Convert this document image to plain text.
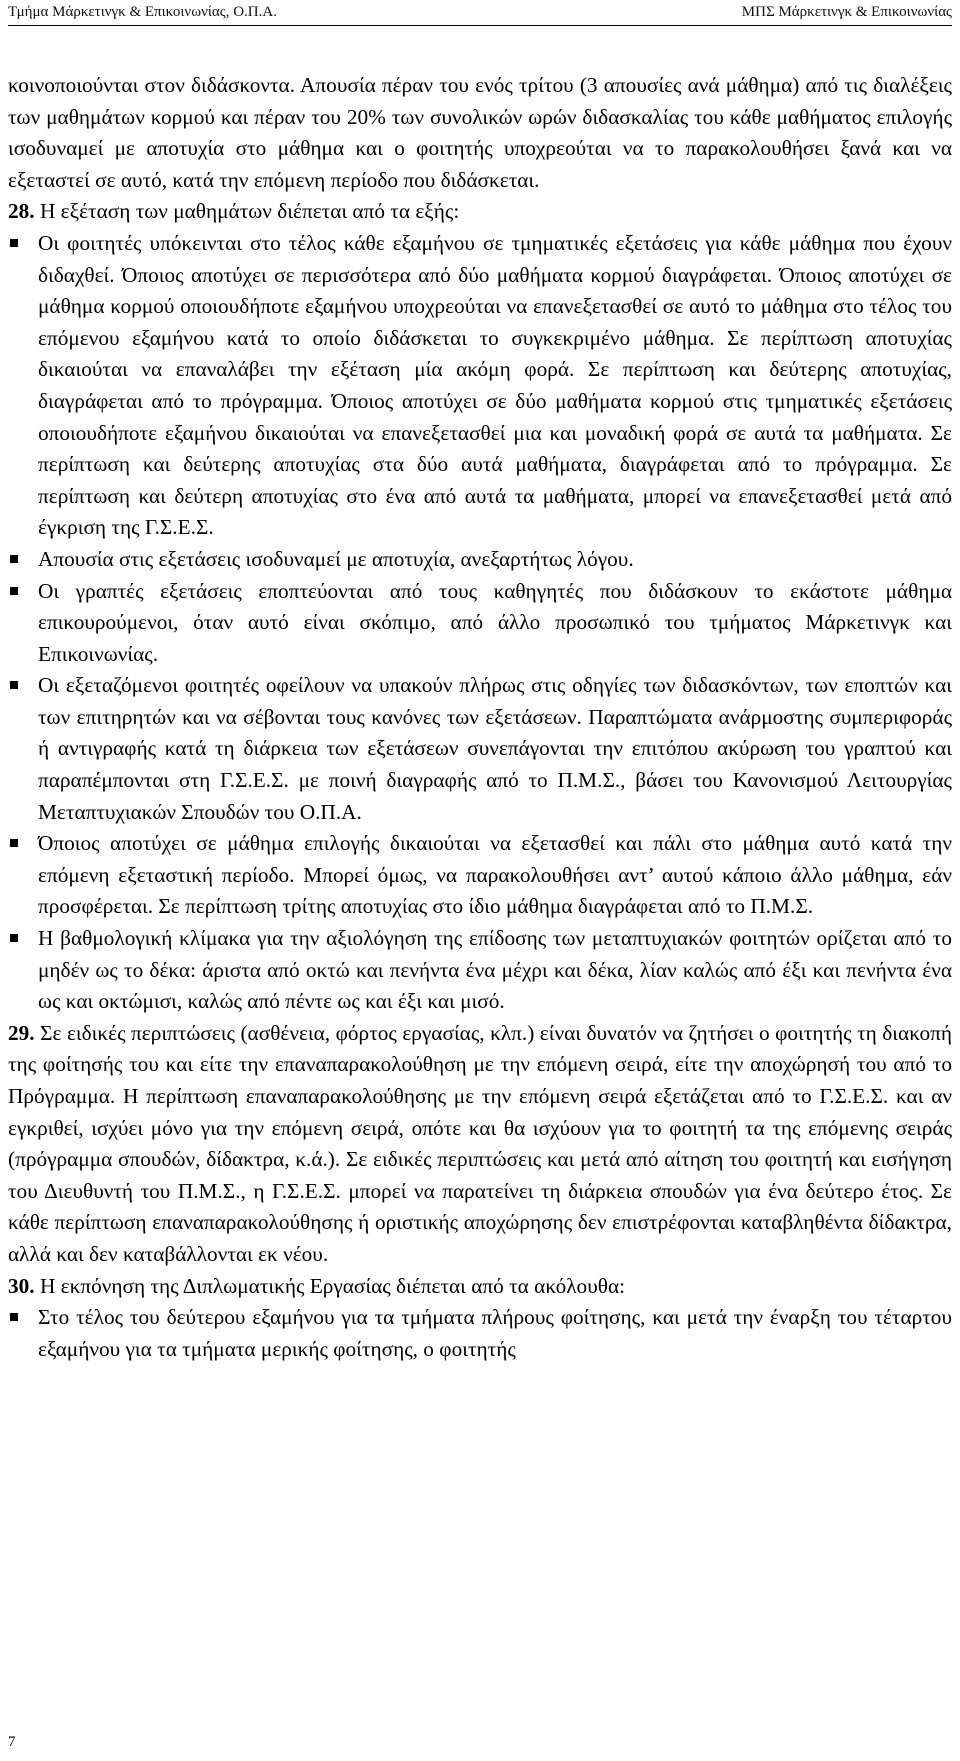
Τμήμα Μάρκετινγκ & Επικοινωνίας, Ο.Π.Α.	ΜΠΣ Μάρκετινγκ & Επικοινωνίας

κοινοποιούνται στον διδάσκοντα. Απουσία πέραν του ενός τρίτου (3 απουσίες ανά μάθημα) από τις διαλέξεις των μαθημάτων κορμού και πέραν του 20% των συνολικών ωρών διδασκαλίας του κάθε μαθήματος επιλογής ισοδυναμεί με αποτυχία στο μάθημα και ο φοιτητής υποχρεούται να το παρακολουθήσει ξανά και να εξεταστεί σε αυτό, κατά την επόμενη περίοδο που διδάσκεται.

28. Η εξέταση των μαθημάτων διέπεται από τα εξής:

Οι φοιτητές υπόκεινται στο τέλος κάθε εξαμήνου σε τμηματικές εξετάσεις για κάθε μάθημα που έχουν διδαχθεί. Όποιος αποτύχει σε περισσότερα από δύο μαθήματα κορμού διαγράφεται. Όποιος αποτύχει σε μάθημα κορμού οποιουδήποτε εξαμήνου υποχρεούται να επανεξετασθεί σε αυτό το μάθημα στο τέλος του επόμενου εξαμήνου κατά το οποίο διδάσκεται το συγκεκριμένο μάθημα. Σε περίπτωση αποτυχίας δικαιούται να επαναλάβει την εξέταση μία ακόμη φορά. Σε περίπτωση και δεύτερης αποτυχίας, διαγράφεται από το πρόγραμμα. Όποιος αποτύχει σε δύο μαθήματα κορμού στις τμηματικές εξετάσεις οποιουδήποτε εξαμήνου δικαιούται να επανεξετασθεί μια και μοναδική φορά σε αυτά τα μαθήματα. Σε περίπτωση και δεύτερης αποτυχίας στα δύο αυτά μαθήματα, διαγράφεται από το πρόγραμμα. Σε περίπτωση και δεύτερη αποτυχίας στο ένα από αυτά τα μαθήματα, μπορεί να επανεξετασθεί μετά από έγκριση της Γ.Σ.Ε.Σ.

Απουσία στις εξετάσεις ισοδυναμεί με αποτυχία, ανεξαρτήτως λόγου.

Οι γραπτές εξετάσεις εποπτεύονται από τους καθηγητές που διδάσκουν το εκάστοτε μάθημα επικουρούμενοι, όταν αυτό είναι σκόπιμο, από άλλο προσωπικό του τμήματος Μάρκετινγκ και Επικοινωνίας.

Οι εξεταζόμενοι φοιτητές οφείλουν να υπακούν πλήρως στις οδηγίες των διδασκόντων, των εποπτών και των επιτηρητών και να σέβονται τους κανόνες των εξετάσεων. Παραπτώματα ανάρμοστης συμπεριφοράς ή αντιγραφής κατά τη διάρκεια των εξετάσεων συνεπάγονται την επιτόπου ακύρωση του γραπτού και παραπέμπονται στη Γ.Σ.Ε.Σ. με ποινή διαγραφής από το Π.Μ.Σ., βάσει του Κανονισμού Λειτουργίας Μεταπτυχιακών Σπουδών του Ο.Π.Α.

Όποιος αποτύχει σε μάθημα επιλογής δικαιούται να εξετασθεί και πάλι στο μάθημα αυτό κατά την επόμενη εξεταστική περίοδο. Μπορεί όμως, να παρακολουθήσει αντ’ αυτού κάποιο άλλο μάθημα, εάν προσφέρεται. Σε περίπτωση τρίτης αποτυχίας στο ίδιο μάθημα διαγράφεται από το Π.Μ.Σ.

Η βαθμολογική κλίμακα για την αξιολόγηση της επίδοσης των μεταπτυχιακών φοιτητών ορίζεται από το μηδέν ως το δέκα: άριστα από οκτώ και πενήντα ένα μέχρι και δέκα, λίαν καλώς από έξι και πενήντα ένα ως και οκτώμισι, καλώς από πέντε ως και έξι και μισό.

29. Σε ειδικές περιπτώσεις (ασθένεια, φόρτος εργασίας, κλπ.) είναι δυνατόν να ζητήσει ο φοιτητής τη διακοπή της φοίτησής του και είτε την επαναπαρακολούθηση με την επόμενη σειρά, είτε την αποχώρησή του από το Πρόγραμμα. Η περίπτωση επαναπαρακολούθησης με την επόμενη σειρά εξετάζεται από το Γ.Σ.Ε.Σ. και αν εγκριθεί, ισχύει μόνο για την επόμενη σειρά, οπότε και θα ισχύουν για το φοιτητή τα της επόμενης σειράς (πρόγραμμα σπουδών, δίδακτρα, κ.ά.). Σε ειδικές περιπτώσεις και μετά από αίτηση του φοιτητή και εισήγηση του Διευθυντή του Π.Μ.Σ., η Γ.Σ.Ε.Σ. μπορεί να παρατείνει τη διάρκεια σπουδών για ένα δεύτερο έτος. Σε κάθε περίπτωση επαναπαρακολούθησης ή οριστικής αποχώρησης δεν επιστρέφονται καταβληθέντα δίδακτρα, αλλά και δεν καταβάλλονται εκ νέου.

30. Η εκπόνηση της Διπλωματικής Εργασίας διέπεται από τα ακόλουθα:

Στο τέλος του δεύτερου εξαμήνου για τα τμήματα πλήρους φοίτησης, και μετά την έναρξη του τέταρτου εξαμήνου για τα τμήματα μερικής φοίτησης, ο φοιτητής

7
